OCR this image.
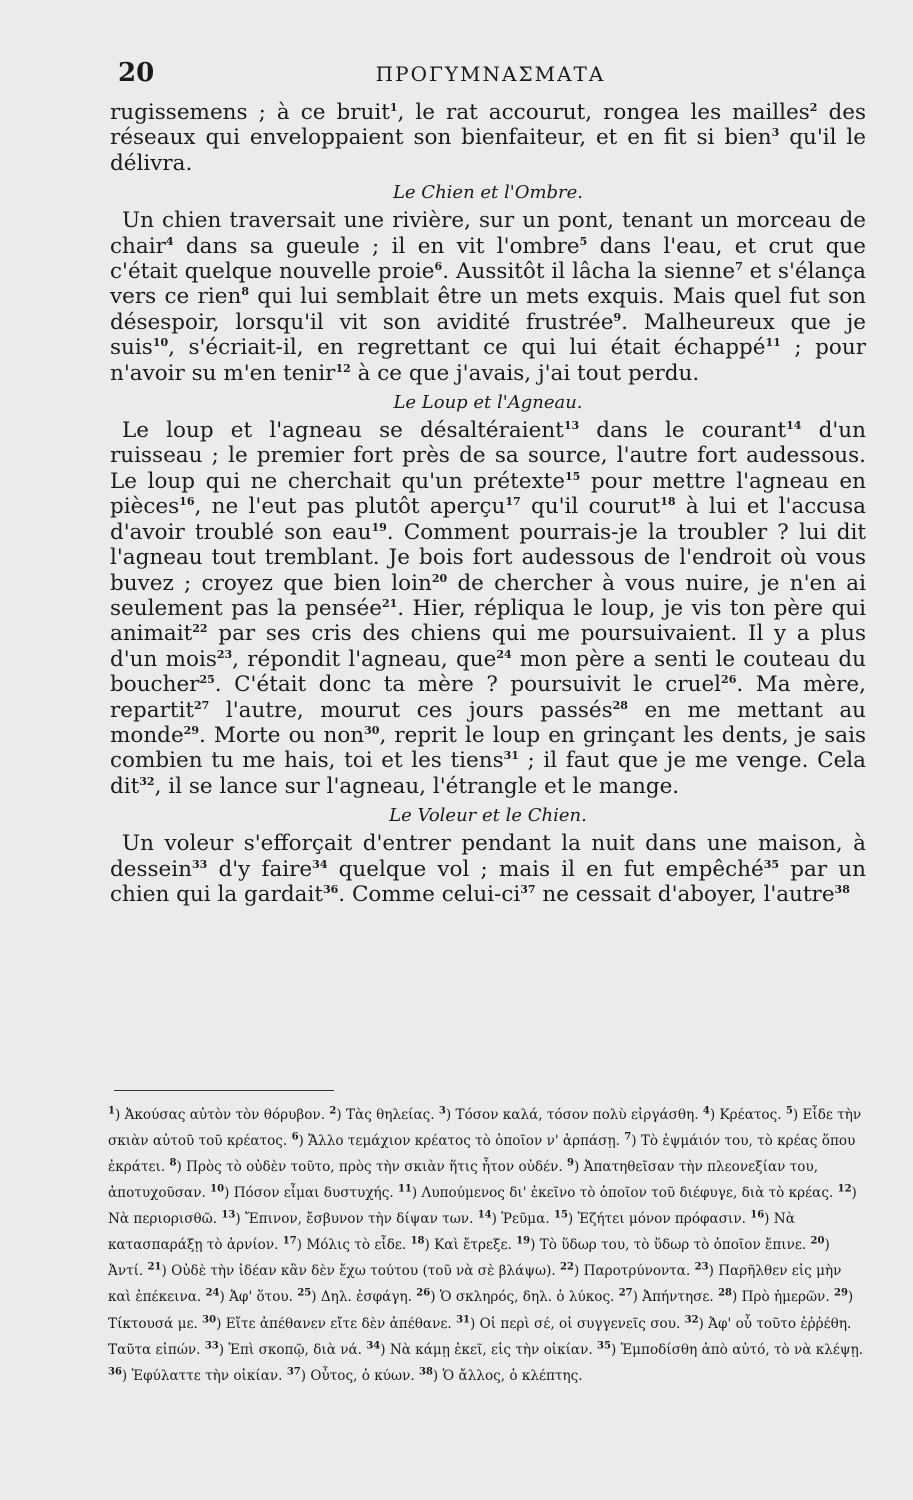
20	ΠΡΟΓΥΜΝΑΣΜΑΤΑ

rugissemens ; à ce bruit$^1$, le rat accourut, rongea les mailles$^2$ des réseaux qui enveloppaient son bienfaiteur, et en fit si bien$^3$ qu'il le délivra.

Le Chien et l'Ombre.

Un chien traversait une rivière, sur un pont, tenant un morceau de chair$^4$ dans sa gueule ; il en vit l'ombre$^5$ dans l'eau, et crut que c'était quelque nouvelle proie$^6$. Aussitôt il lâcha la sienne$^7$ et s'élança vers ce rien$^8$ qui lui semblait être un mets exquis. Mais quel fut son désespoir, lorsqu'il vit son avidité frustrée$^9$. Malheureux que je suis$^{10}$, s'écriait-il, en regrettant ce qui lui était échappé$^{11}$ ; pour n'avoir su m'en tenir$^{12}$ à ce que j'avais, j'ai tout perdu.

Le Loup et l'Agneau.

Le loup et l'agneau se désaltéraient$^{13}$ dans le courant$^{14}$ d'un ruisseau ; le premier fort près de sa source, l'autre fort audessous. Le loup qui ne cherchait qu'un prétexte$^{15}$ pour mettre l'agneau en pièces$^{16}$, ne l'eut pas plutôt aperçu$^{17}$ qu'il courut$^{18}$ à lui et l'accusa d'avoir troublé son eau$^{19}$. Comment pourrais-je la troubler ? lui dit l'agneau tout tremblant. Je bois fort audessous de l'endroit où vous buvez ; croyez que bien loin$^{20}$ de chercher à vous nuire, je n'en ai seulement pas la pensée$^{21}$. Hier, répliqua le loup, je vis ton père qui animait$^{22}$ par ses cris des chiens qui me poursuivaient. Il y a plus d'un mois$^{23}$, répondit l'agneau, que$^{24}$ mon père a senti le couteau du boucher$^{25}$. C'était donc ta mère ? poursuivit le cruel$^{26}$. Ma mère, repartit$^{27}$ l'autre, mourut ces jours passés$^{28}$ en me mettant au monde$^{29}$. Morte ou non$^{30}$, reprit le loup en grinçant les dents, je sais combien tu me hais, toi et les tiens$^{31}$ ; il faut que je me venge. Cela dit$^{32}$, il se lance sur l'agneau, l'étrangle et le mange.

Le Voleur et le Chien.

Un voleur s'efforçait d'entrer pendant la nuit dans une maison, à dessein$^{33}$ d'y faire$^{34}$ quelque vol ; mais il en fut empêché$^{35}$ par un chien qui la gardait$^{36}$. Comme celui-$ci^{37}$ ne cessait d'aboyer, l'autre$^{38}$

$^1$) Ἀκούσας αὐτὸν τὸν θόρυβον. $^2$) Τὰς θηλείας. $^3$) Τόσον καλά, τόσον πολὺ εἰργάσθη. $^4$) Κρέατος. $^5$) Εἶδε τὴν σκιὰν αὐτοῦ τοῦ κρέατος. $^6$) Ἄλλο τεμάχιον κρέατος τὸ ὁποῖον ν' ἁρπάσῃ. $^7$) Τὸ ἐψμάιόν του, τὸ κρέας ὅπου ἐκράτει. $^8$) Πρὸς τὸ οὐδὲν τοῦτο, πρὸς τὴν σκιὰν ἥτις ἦτον οὐδέν. $^9$) Ἀπατηθεῖσαν τὴν πλεονεξίαν του, ἀποτυχοῦσαν. $^{10}$) Πόσον εἶμαι δυστυχής. $^{11}$) Λυπούμενος δι' ἐκεῖνο τὸ ὁποῖον τοῦ διέφυγε, διὰ τὸ κρέας. $^{12}$) Νὰ περιορισθῶ. $^{13}$) Ἔπινον, ἔσβυνον τὴν δίψαν των. $^{14}$) Ῥεῦμα. $^{15}$) Ἐζήτει μόνον πρόφασιν. $^{16}$) Νὰ κατασπαράξῃ τὸ ἀρνίον. $^{17}$) Μόλις τὸ εἶδε. $^{18}$) Καὶ ἔτρεξε. $^{19}$) Τὸ ὕδωρ του, τὸ ὕδωρ τὸ ὁποῖον ἔπινε. $^{20}$) Ἀντί. $^{21}$) Οὐδὲ τὴν ἰδέαν κἂν δὲν ἔχω τούτου (τοῦ νὰ σὲ βλάψω). $^{22}$) Παροτρύνοντα. $^{23}$) Παρῆλθεν εἰς μὴν καὶ ἐπέκεινα. $^{24}$) Ἀφ' ὅτου. $^{25}$) Δηλ. ἐσφάγη. $^{26}$) Ὁ σκληρός, δηλ. ὁ λύκος. $^{27}$) Ἀπήντησε. $^{28}$) Πρὸ ἡμερῶν. $^{29}$) Τίκτουσά με. $^{30}$) Εἴτε ἀπέθανεν εἴτε δὲν ἀπέθανε. $^{31}$) Οἱ περὶ σέ, οἱ συγγενεῖς σου. $^{32}$) Ἀφ' οὗ τοῦτο ἐῤῥέθη. Ταῦτα εἰπών. $^{33}$) Ἐπὶ σκοπῷ, διὰ νά. $^{34}$) Νὰ κάμῃ ἐκεῖ, εἰς τὴν οἰκίαν. $^{35}$) Ἐμποδίσθη ἀπὸ αὐτό, τὸ νὰ κλέψῃ. $^{36}$) Ἐφύλαττε τὴν οἰκίαν. $^{37}$) Οὗτος, ὁ κύων. $^{38}$) Ὁ ἄλλος, ὁ κλέπτης.
